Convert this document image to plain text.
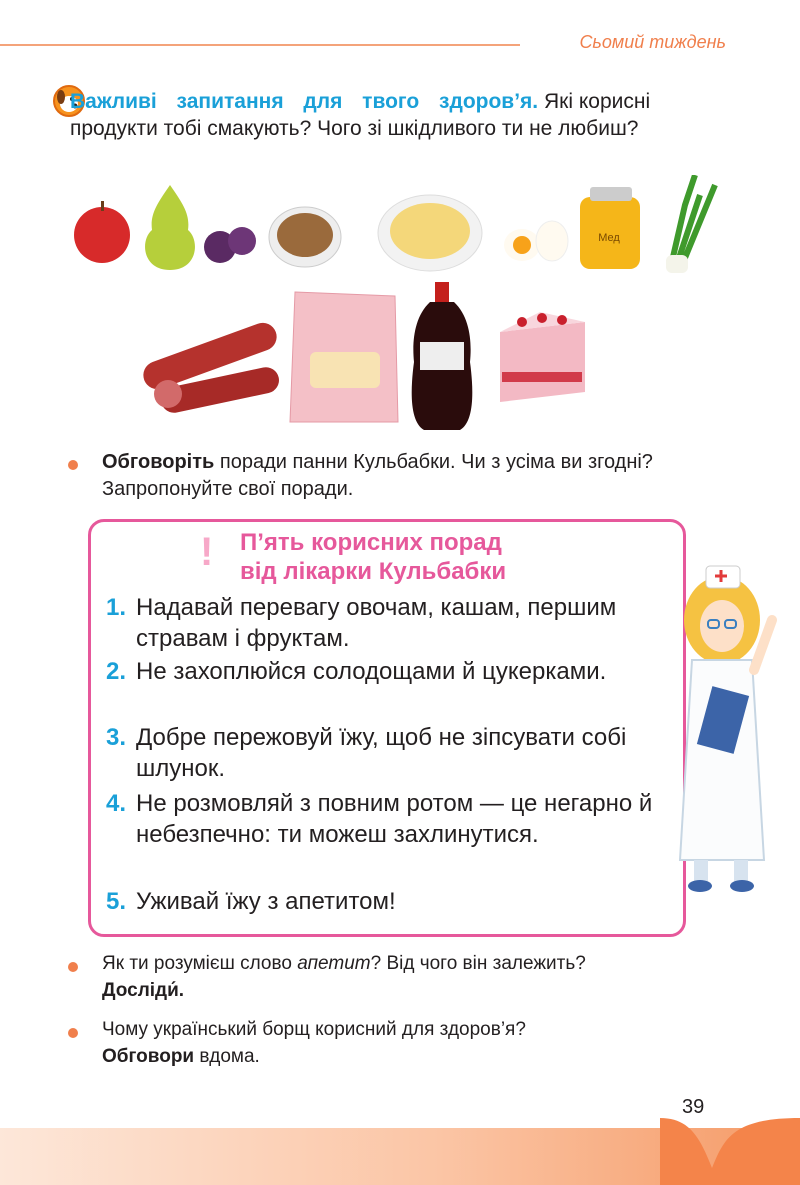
Сьомий тиждень
Важливі запитання для твого здоров’я. Які корисні продукти тобі смакують? Чого зі шкідливого ти не любиш?
Мед
Обговоріть поради панни Кульбабки. Чи з усіма ви згодні? Запропонуйте свої поради.
! П’ять корисних порад
від лікарки Кульбабки
1. Надавай перевагу овочам, кашам, першим стравам і фруктам.
2. Не захоплюйся солодощами й цукерками.
3. Добре пережовуй їжу, щоб не зіпсувати собі шлунок.
4. Не розмовляй з повним ротом — це негарно й небезпечно: ти можеш захлинутися.
5. Уживай їжу з апетитом!
Як ти розумієш слово апетит? Від чого він залежить?
Досліди́.
Чому український борщ корисний для здоров’я?
Обговори вдома.
39
